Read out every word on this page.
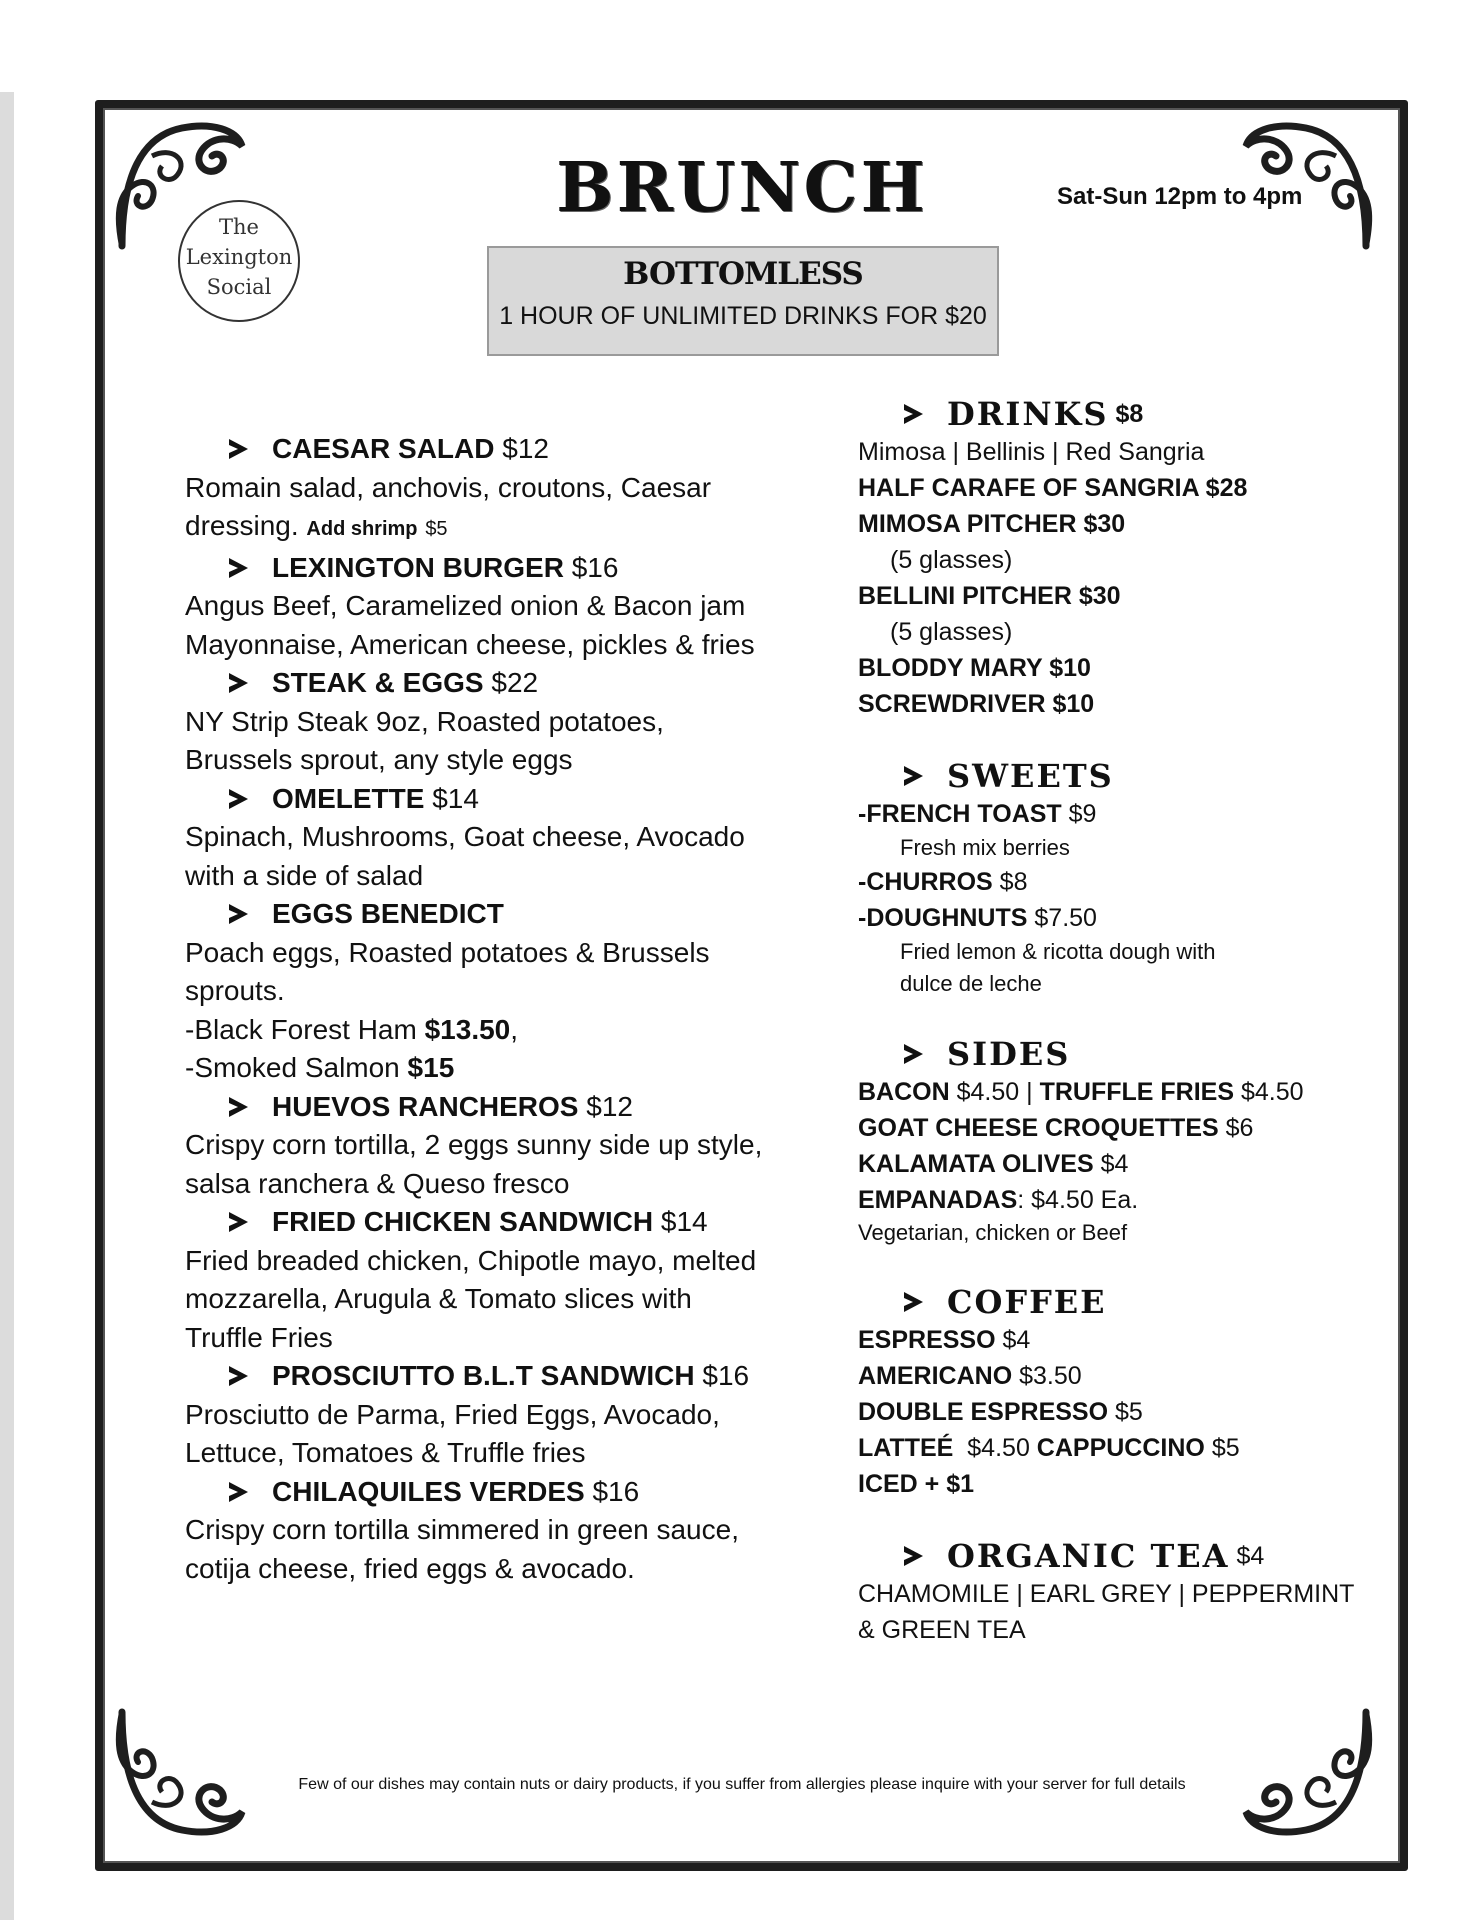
The
Lexington
Social
BRUNCH	Sat-Sun 12pm to 4pm
BOTTOMLESS
1 HOUR OF UNLIMITED DRINKS FOR $20
CAESAR SALAD
$12
Romain salad, anchovis, croutons, Caesar dressing. Add shrimp $5
LEXINGTON BURGER
$16
Angus Beef, Caramelized onion & Bacon jam Mayonnaise, American cheese, pickles & fries
STEAK & EGGS
$22
NY Strip Steak 9oz, Roasted potatoes, Brussels sprout, any style eggs
OMELETTE
$14
Spinach, Mushrooms, Goat cheese, Avocado with a side of salad
EGGS BENEDICT
Poach eggs, Roasted potatoes & Brussels sprouts.
-Black Forest Ham $13.50,
-Smoked Salmon $15
HUEVOS RANCHEROS
$12
Crispy corn tortilla, 2 eggs sunny side up style, salsa ranchera & Queso fresco
FRIED CHICKEN SANDWICH
$14
Fried breaded chicken, Chipotle mayo, melted mozzarella, Arugula & Tomato slices with Truffle Fries
PROSCIUTTO B.L.T SANDWICH
$16
Prosciutto de Parma, Fried Eggs, Avocado, Lettuce, Tomatoes & Truffle fries
CHILAQUILES VERDES
$16
Crispy corn tortilla simmered in green sauce, cotija cheese, fried eggs & avocado.
DRINKS
$8
Mimosa | Bellinis | Red Sangria
HALF CARAFE OF SANGRIA $28
MIMOSA PITCHER $30
(5 glasses)
BELLINI PITCHER $30
(5 glasses)
BLODDY MARY $10
SCREWDRIVER $10
SWEETS
-FRENCH TOAST $9
Fresh mix berries
-CHURROS $8
-DOUGHNUTS $7.50
Fried lemon & ricotta dough with
dulce de leche
SIDES
BACON $4.50 | TRUFFLE FRIES $4.50
GOAT CHEESE CROQUETTES $6
KALAMATA OLIVES $4
EMPANADAS: $4.50 Ea.
Vegetarian, chicken or Beef
COFFEE
ESPRESSO $4
AMERICANO $3.50
DOUBLE ESPRESSO $5
LATTEÉ $4.50 CAPPUCCINO $5
ICED + $1
ORGANIC TEA
$4
CHAMOMILE | EARL GREY | PEPPERMINT
& GREEN TEA
Few of our dishes may contain nuts or dairy products, if you suffer from allergies please inquire with your server for full details
